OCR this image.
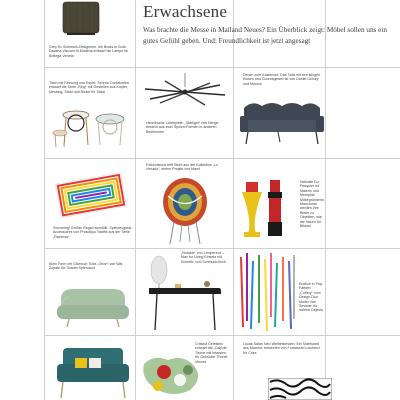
Erwachsene
Was brachte die Messe in Mailand Neues? Ein Überblick zeigt: Möbel sollen uns ein gutes Gefühl geben. Und: Freundlichkeit ist jetzt angesagt
Grey Ex Schmuck-Designerin, die Brass-le Sofa: Davana Viscomi di Modena entwarf die Lampe für Bottega Veneta
Tisch mit Fassung und Esprit: Serena Confalonieri entwarf die Serie „Ring“ mit Gestellen aus Kupfer, Messing, Stahl und Nickel für Saba
Himmlische Lichtspiele: „Starlight“ von Henge besteht aus zwei Spulen-Formen in anderen Bestimmen
Denim zum Kastenoui: Das Sofa mit den klingen Kissen und Clownsgeweil ist von Daniel Liciney und Moroso
Swooning! Großer Regal raumfüllt, Spielzeugreal- Accessoires von Prosolljuu Tablett aus der Serie „Rainbow“
Folklorismus trifft Stuhl aus der Kollektion „Lo Venado“, einem Projekt von Marni
Nathalie Du Pasquier ist Malerin und Memphis Mitbegründerin. Manchmal werden ihre Bilder zu Objekten, wie die Vasen für Bitossi
Klein Form mit Glamour: Sofa „Orion“ von Wal Zupato für Scarlet Splendour
„Notable“ von Lempereur – Max for Living Einsatz mit Schreib- und Schmuck-tisch
Endlich in Pop-Farben: „Cutlery“ vom Design-Duo Muller Van Severen für Valerie Objects
Cristina Celestino entwarf die „Calycle“ Tische mit Intarsien für Gebrüder Thonet Vienna
Lucas Safari Neo Weltreisenden: Ein Sideboard aus Marmor, entworfen von Fornasetti Luxurieux für Criss
